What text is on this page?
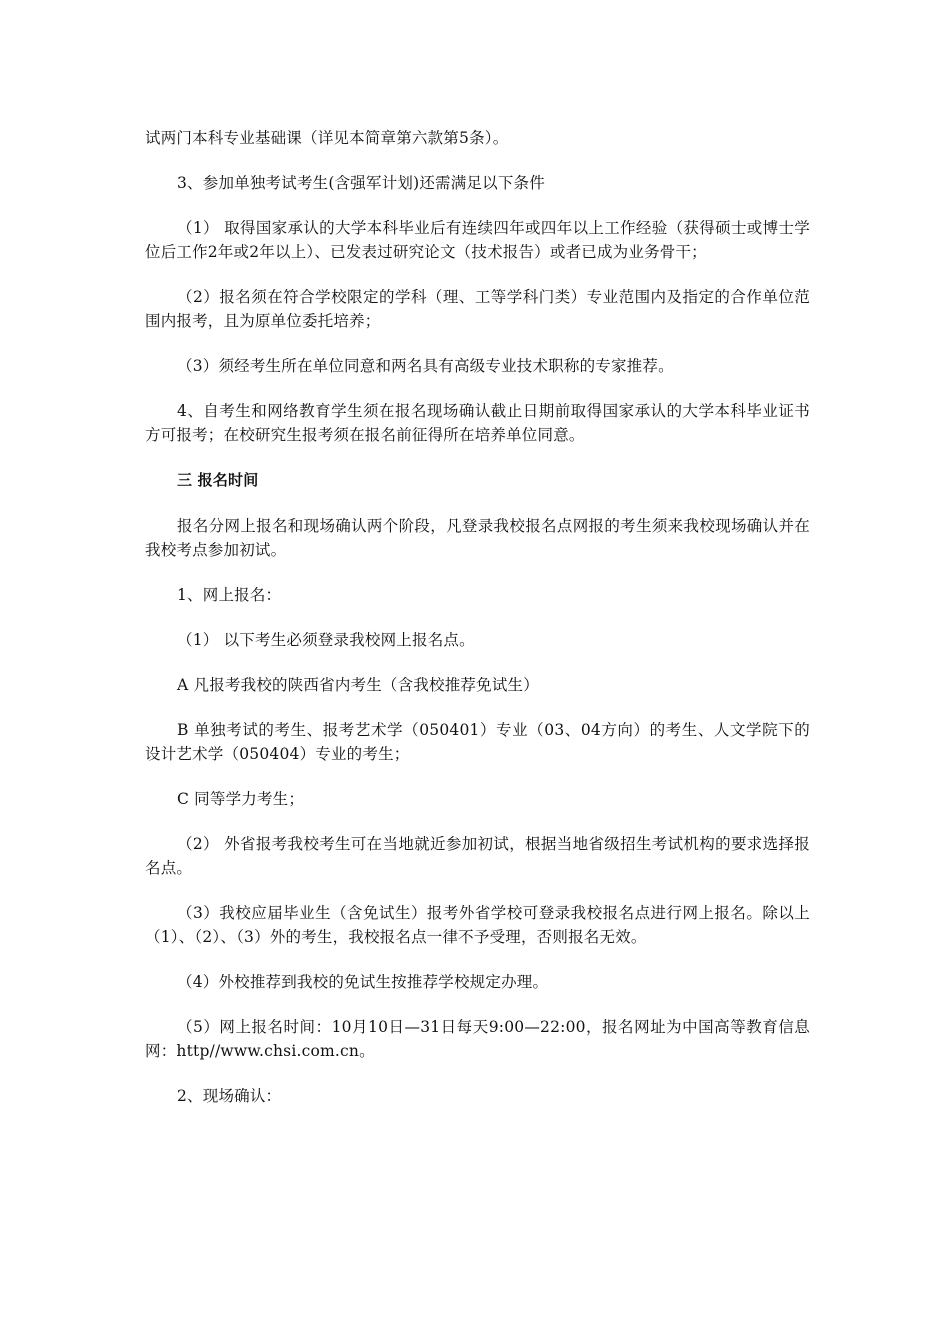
试两门本科专业基础课（详见本简章第六款第5条）。

3、参加单独考试考生(含强军计划)还需满足以下条件

（1） 取得国家承认的大学本科毕业后有连续四年或四年以上工作经验（获得硕士或博士学位后工作2年或2年以上）、已发表过研究论文（技术报告）或者已成为业务骨干；

（2）报名须在符合学校限定的学科（理、工等学科门类）专业范围内及指定的合作单位范围内报考，且为原单位委托培养；

（3）须经考生所在单位同意和两名具有高级专业技术职称的专家推荐。

4、自考生和网络教育学生须在报名现场确认截止日期前取得国家承认的大学本科毕业证书方可报考；在校研究生报考须在报名前征得所在培养单位同意。

三 报名时间

报名分网上报名和现场确认两个阶段，凡登录我校报名点网报的考生须来我校现场确认并在我校考点参加初试。

1、网上报名：

（1） 以下考生必须登录我校网上报名点。

A 凡报考我校的陕西省内考生（含我校推荐免试生）

B 单独考试的考生、报考艺术学（050401）专业（03、04方向）的考生、人文学院下的设计艺术学（050404）专业的考生；

C 同等学力考生；

（2） 外省报考我校考生可在当地就近参加初试，根据当地省级招生考试机构的要求选择报名点。

（3）我校应届毕业生（含免试生）报考外省学校可登录我校报名点进行网上报名。除以上（1）、（2）、（3）外的考生，我校报名点一律不予受理，否则报名无效。

（4）外校推荐到我校的免试生按推荐学校规定办理。

（5）网上报名时间：10月10日—31日每天9:00—22:00，报名网址为中国高等教育信息网：http//www.chsi.com.cn。

2、现场确认：
